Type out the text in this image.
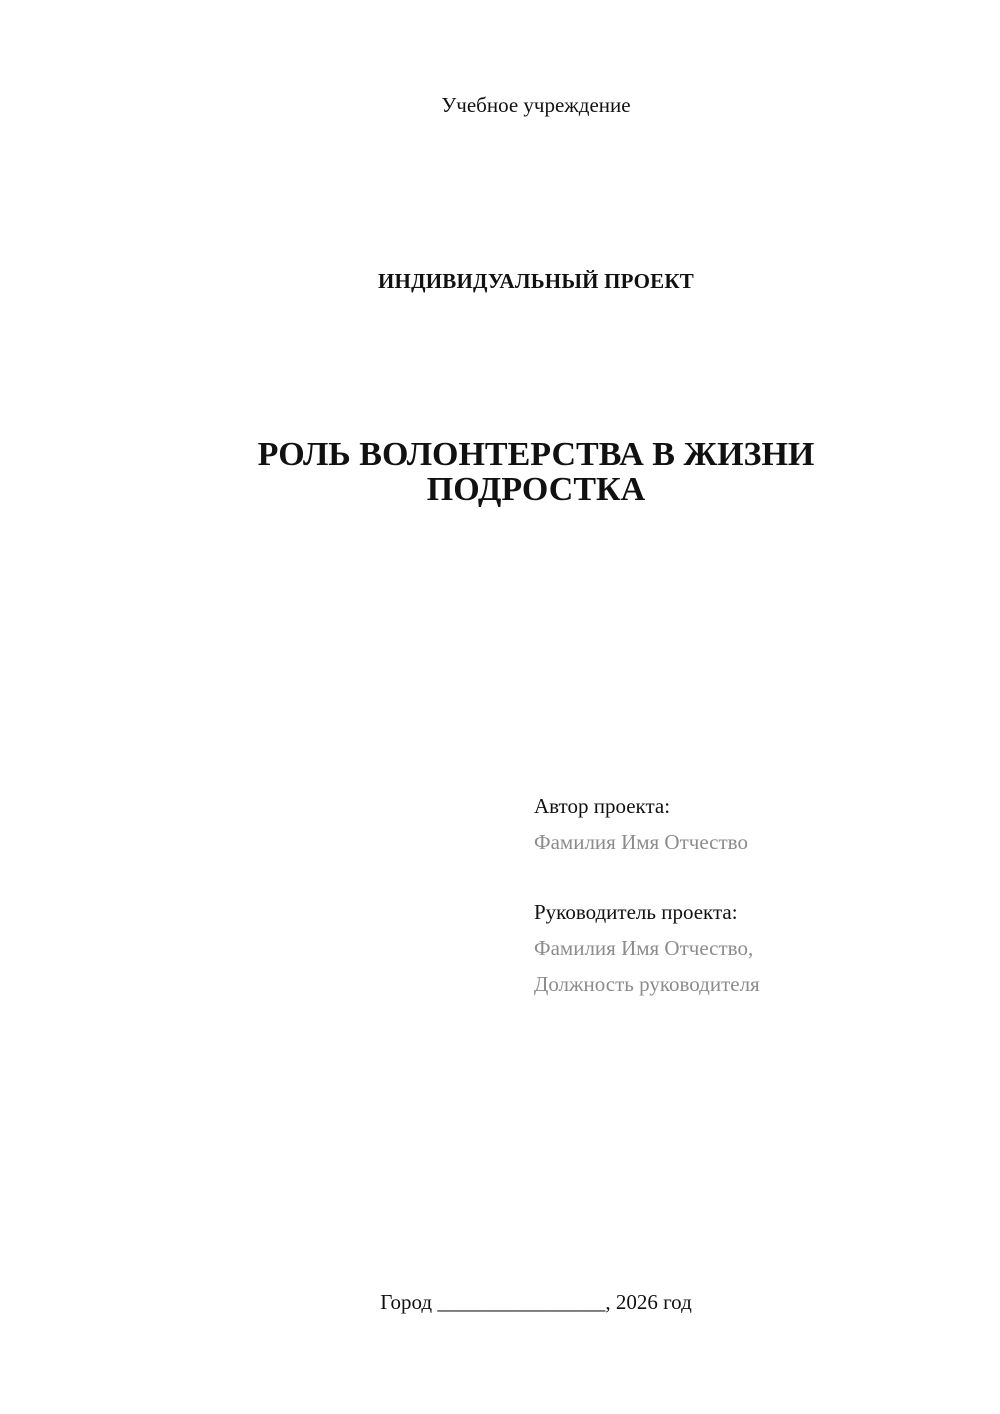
Учебное учреждение
ИНДИВИДУАЛЬНЫЙ ПРОЕКТ
РОЛЬ ВОЛОНТЕРСТВА В ЖИЗНИ
ПОДРОСТКА
Автор проекта:
Фамилия Имя Отчество
Руководитель проекта:
Фамилия Имя Отчество,
Должность руководителя
Город ________________, 2026 год
